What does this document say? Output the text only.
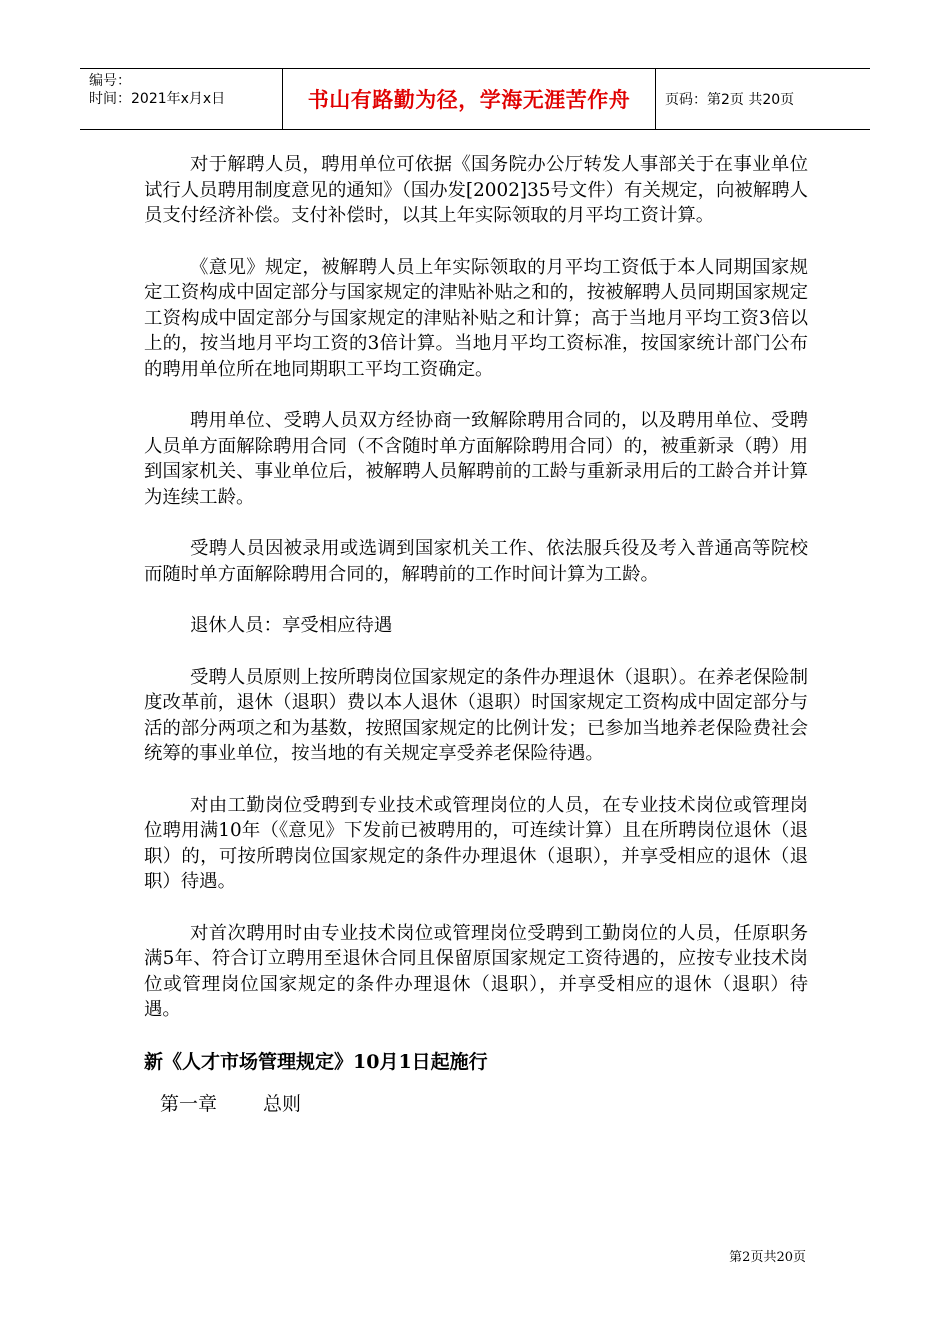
编号：
时间：2021年x月x日	书山有路勤为径，学海无涯苦作舟	页码：第2页 共20页

对于解聘人员，聘用单位可依据《国务院办公厅转发人事部关于在事业单位试行人员聘用制度意见的通知》（国办发[2002]35号文件）有关规定，向被解聘人员支付经济补偿。支付补偿时，以其上年实际领取的月平均工资计算。

《意见》规定，被解聘人员上年实际领取的月平均工资低于本人同期国家规定工资构成中固定部分与国家规定的津贴补贴之和的，按被解聘人员同期国家规定工资构成中固定部分与国家规定的津贴补贴之和计算；高于当地月平均工资3倍以上的，按当地月平均工资的3倍计算。当地月平均工资标准，按国家统计部门公布的聘用单位所在地同期职工平均工资确定。

聘用单位、受聘人员双方经协商一致解除聘用合同的，以及聘用单位、受聘人员单方面解除聘用合同（不含随时单方面解除聘用合同）的，被重新录（聘）用到国家机关、事业单位后，被解聘人员解聘前的工龄与重新录用后的工龄合并计算为连续工龄。

受聘人员因被录用或选调到国家机关工作、依法服兵役及考入普通高等院校而随时单方面解除聘用合同的，解聘前的工作时间计算为工龄。

退休人员：享受相应待遇

受聘人员原则上按所聘岗位国家规定的条件办理退休（退职）。在养老保险制度改革前，退休（退职）费以本人退休（退职）时国家规定工资构成中固定部分与活的部分两项之和为基数，按照国家规定的比例计发；已参加当地养老保险费社会统筹的事业单位，按当地的有关规定享受养老保险待遇。

对由工勤岗位受聘到专业技术或管理岗位的人员，在专业技术岗位或管理岗位聘用满10年（《意见》下发前已被聘用的，可连续计算）且在所聘岗位退休（退职）的，可按所聘岗位国家规定的条件办理退休（退职），并享受相应的退休（退职）待遇。

对首次聘用时由专业技术岗位或管理岗位受聘到工勤岗位的人员，任原职务满5年、符合订立聘用至退休合同且保留原国家规定工资待遇的，应按专业技术岗位或管理岗位国家规定的条件办理退休（退职），并享受相应的退休（退职）待遇。

新《人才市场管理规定》10月1日起施行
第一章 总则
第2页共20页
